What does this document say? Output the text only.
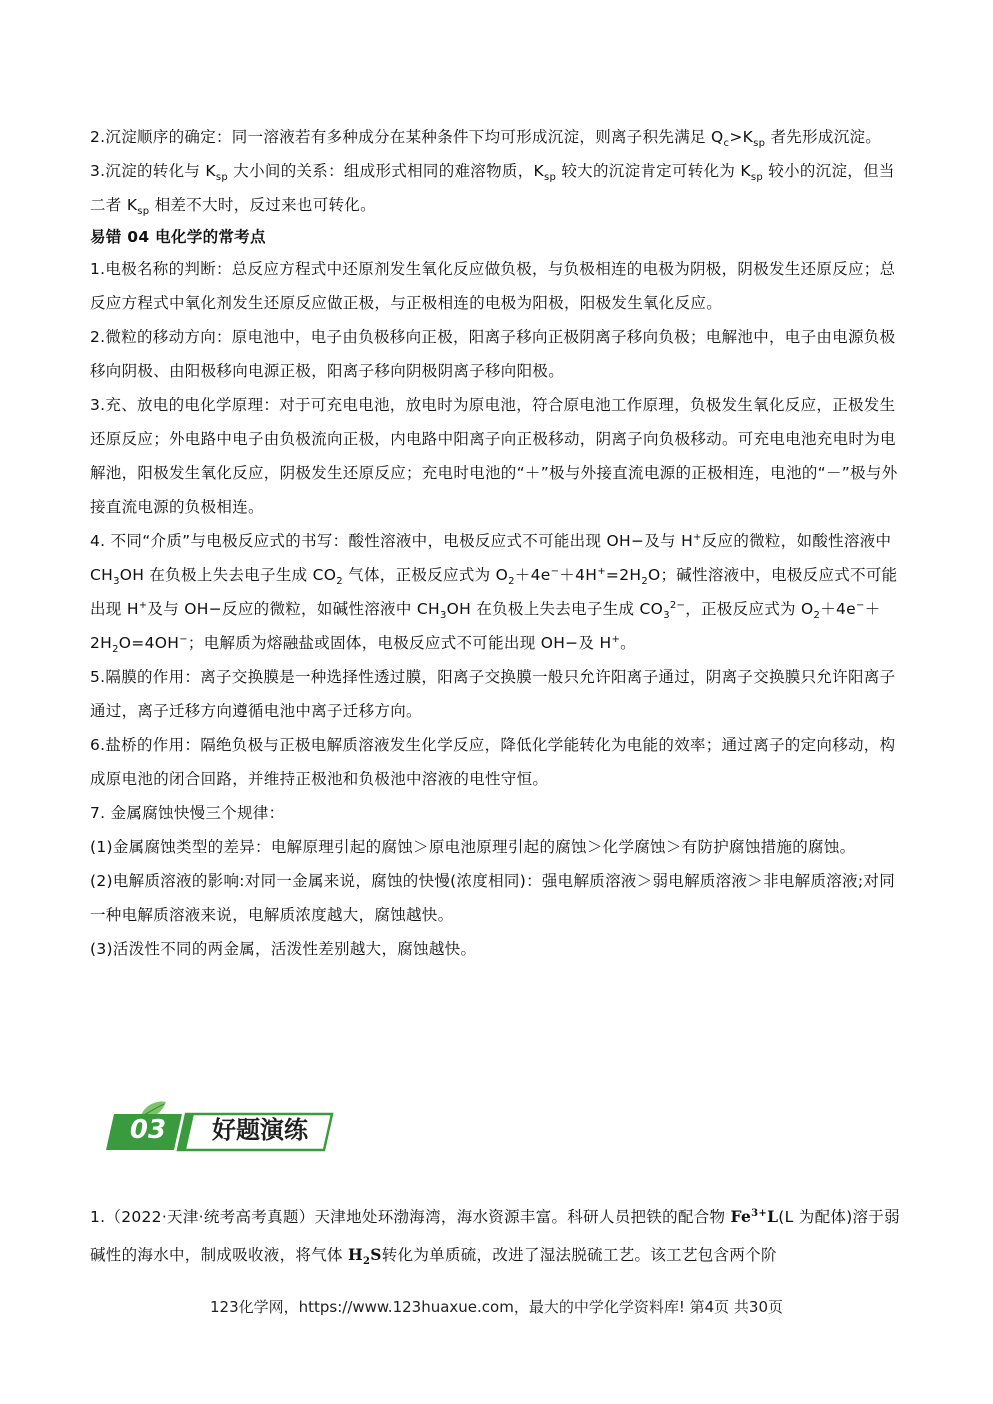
2.沉淀顺序的确定：同一溶液若有多种成分在某种条件下均可形成沉淀，则离子积先满足 $Q_c>K_{sp}$ 者先形成沉淀。

3.沉淀的转化与 $K_{sp}$ 大小间的关系：组成形式相同的难溶物质，$K_{sp}$ 较大的沉淀肯定可转化为 $K_{sp}$ 较小的沉淀，但当二者 $K_{sp}$ 相差不大时，反过来也可转化。

易错 04 电化学的常考点

1.电极名称的判断：总反应方程式中还原剂发生氧化反应做负极，与负极相连的电极为阴极，阴极发生还原反应；总反应方程式中氧化剂发生还原反应做正极，与正极相连的电极为阳极，阳极发生氧化反应。

2.微粒的移动方向：原电池中，电子由负极移向正极，阳离子移向正极阴离子移向负极；电解池中，电子由电源负极移向阴极、由阳极移向电源正极，阳离子移向阴极阴离子移向阳极。

3.充、放电的电化学原理：对于可充电电池，放电时为原电池，符合原电池工作原理，负极发生氧化反应，正极发生还原反应；外电路中电子由负极流向正极，内电路中阳离子向正极移动，阴离子向负极移动。可充电电池充电时为电解池，阳极发生氧化反应，阴极发生还原反应；充电时电池的“＋”极与外接直流电源的正极相连，电池的“－”极与外接直流电源的负极相连。

4. 不同“介质”与电极反应式的书写：酸性溶液中，电极反应式不可能出现 OH−及与 H+反应的微粒，如酸性溶液中 $CH_3OH$ 在负极上失去电子生成 $CO_2$ 气体，正极反应式为 $O_2+4e^-+4H^+=2H_2O$；碱性溶液中，电极反应式不可能出现 H+及与 OH−反应的微粒，如碱性溶液中 $CH_3OH$ 在负极上失去电子生成 $CO_3^{2-}$，正极反应式为 $O_2+4e^-+2H_2O=4OH^-$；电解质为熔融盐或固体，电极反应式不可能出现 OH−及 H+。

5.隔膜的作用：离子交换膜是一种选择性透过膜，阳离子交换膜一般只允许阳离子通过，阴离子交换膜只允许阳离子通过，离子迁移方向遵循电池中离子迁移方向。

6.盐桥的作用：隔绝负极与正极电解质溶液发生化学反应，降低化学能转化为电能的效率；通过离子的定向移动，构成原电池的闭合回路，并维持正极池和负极池中溶液的电性守恒。

7. 金属腐蚀快慢三个规律：

(1)金属腐蚀类型的差异：电解原理引起的腐蚀＞原电池原理引起的腐蚀＞化学腐蚀＞有防护腐蚀措施的腐蚀。

(2)电解质溶液的影响:对同一金属来说，腐蚀的快慢(浓度相同)：强电解质溶液＞弱电解质溶液＞非电解质溶液;对同一种电解质溶液来说，电解质浓度越大，腐蚀越快。

(3)活泼性不同的两金属，活泼性差别越大，腐蚀越快。

03	好题演练

1.（2022·天津·统考高考真题）天津地处环渤海湾，海水资源丰富。科研人员把铁的配合物 $Fe^{3+}L(L$ 为配体)溶于弱碱性的海水中，制成吸收液，将气体 $H_2S$转化为单质硫，改进了湿法脱硫工艺。该工艺包含两个阶

123化学网，https://www.123huaxue.com，最大的中学化学资料库! 第4页 共30页
